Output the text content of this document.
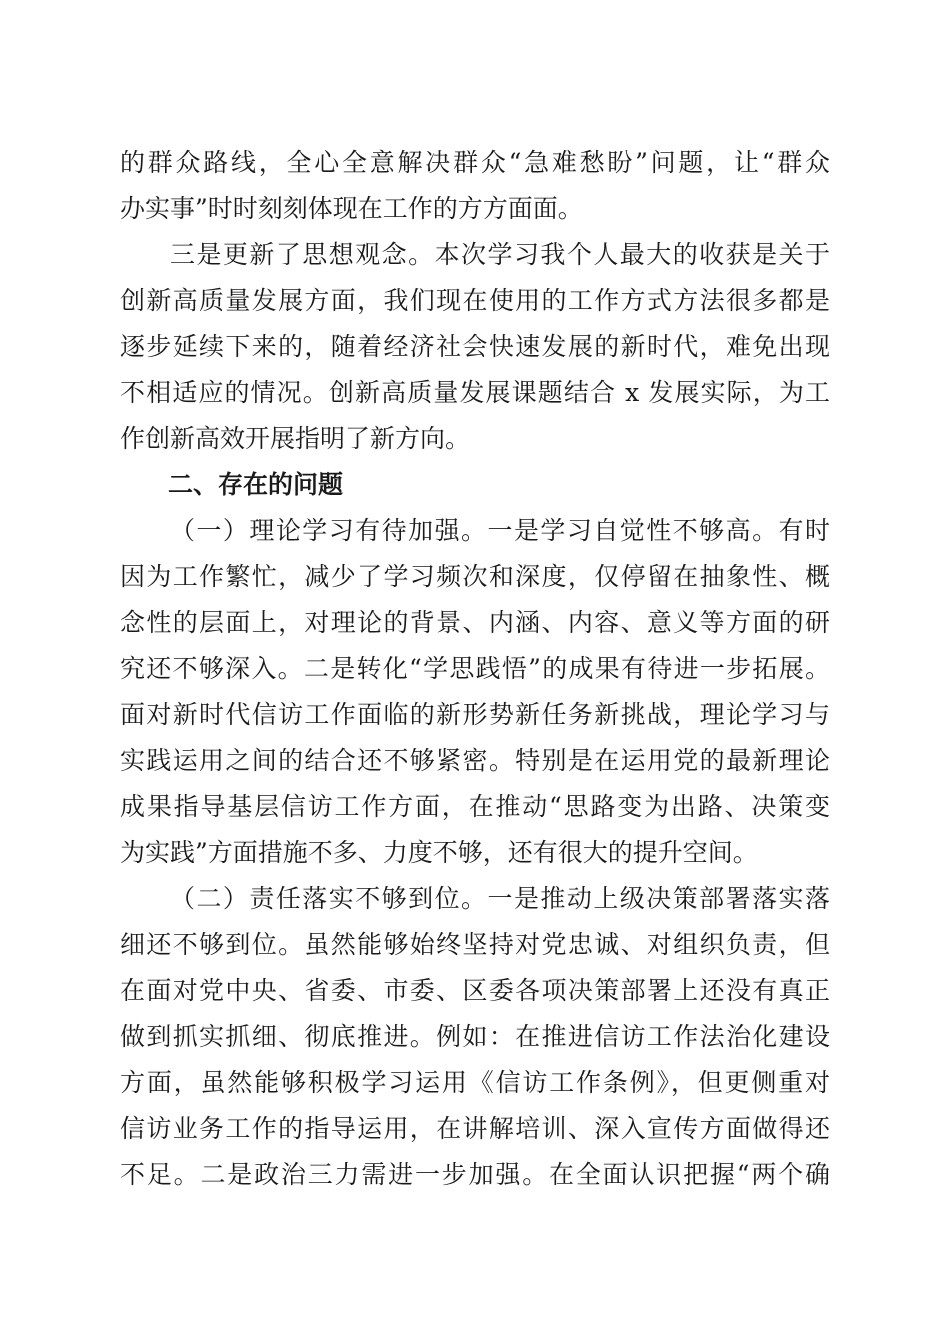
的群众路线，全心全意解决群众“急难愁盼”问题，让“群众
办实事”时时刻刻体现在工作的方方面面。
三是更新了思想观念。本次学习我个人最大的收获是关于
创新高质量发展方面，我们现在使用的工作方式方法很多都是
逐步延续下来的，随着经济社会快速发展的新时代，难免出现
不相适应的情况。创新高质量发展课题结合 x 发展实际，为工
作创新高效开展指明了新方向。
二、存在的问题
（一）理论学习有待加强。一是学习自觉性不够高。有时
因为工作繁忙，减少了学习频次和深度，仅停留在抽象性、概
念性的层面上，对理论的背景、内涵、内容、意义等方面的研
究还不够深入。二是转化“学思践悟”的成果有待进一步拓展。
面对新时代信访工作面临的新形势新任务新挑战，理论学习与
实践运用之间的结合还不够紧密。特别是在运用党的最新理论
成果指导基层信访工作方面，在推动“思路变为出路、决策变
为实践”方面措施不多、力度不够，还有很大的提升空间。
（二）责任落实不够到位。一是推动上级决策部署落实落
细还不够到位。虽然能够始终坚持对党忠诚、对组织负责，但
在面对党中央、省委、市委、区委各项决策部署上还没有真正
做到抓实抓细、彻底推进。例如：在推进信访工作法治化建设
方面，虽然能够积极学习运用《信访工作条例》，但更侧重对
信访业务工作的指导运用，在讲解培训、深入宣传方面做得还
不足。二是政治三力需进一步加强。在全面认识把握“两个确
